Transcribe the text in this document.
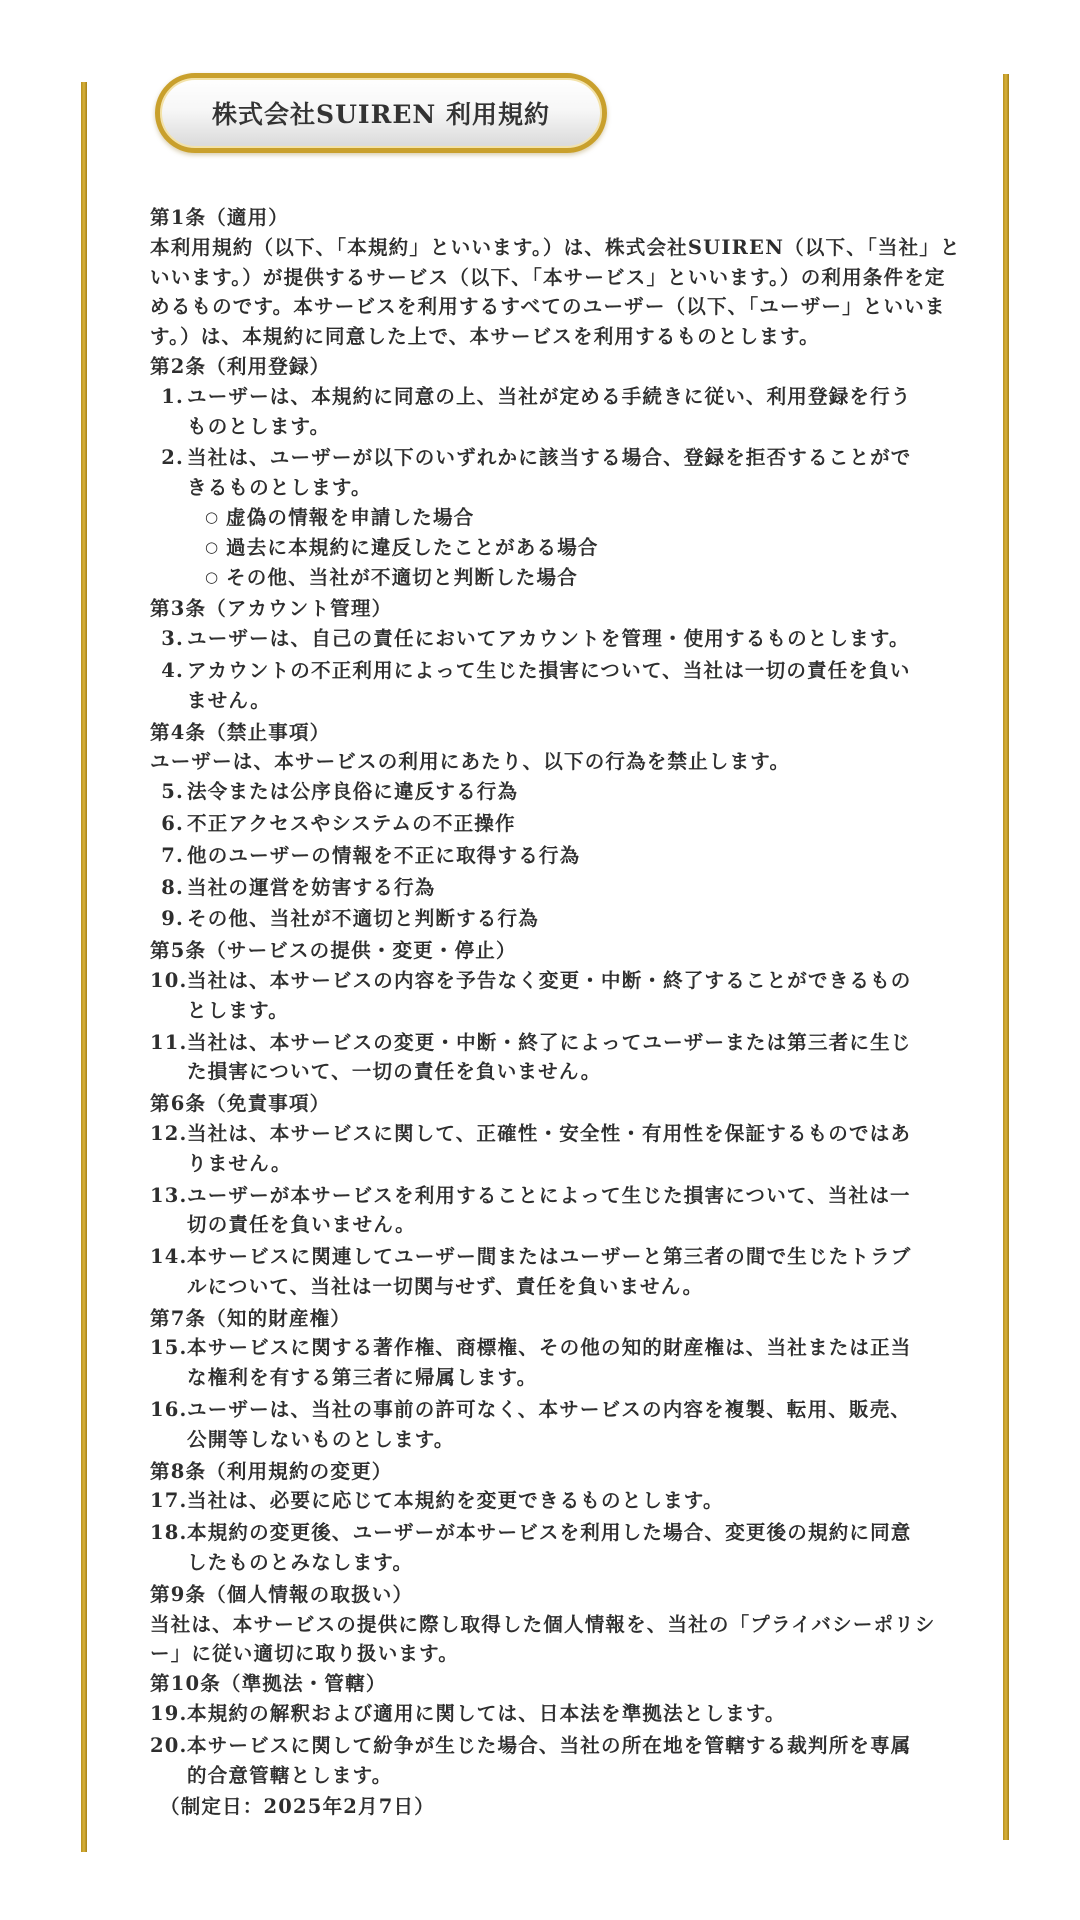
株式会社SUIREN 利用規約

第1条（適用）

本利用規約（以下、「本規約」といいます。）は、株式会社SUIREN（以下、「当社」といいます。）が提供するサービス（以下、「本サービス」といいます。）の利用条件を定めるものです。本サービスを利用するすべてのユーザー（以下、「ユーザー」といいます。）は、本規約に同意した上で、本サービスを利用するものとします。

第2条（利用登録）

1. ユーザーは、本規約に同意の上、当社が定める手続きに従い、利用登録を行うものとします。
2. 当社は、ユーザーが以下のいずれかに該当する場合、登録を拒否することができるものとします。
○ 虚偽の情報を申請した場合
○ 過去に本規約に違反したことがある場合
○ その他、当社が不適切と判断した場合

第3条（アカウント管理）

3. ユーザーは、自己の責任においてアカウントを管理・使用するものとします。
4. アカウントの不正利用によって生じた損害について、当社は一切の責任を負いません。

第4条（禁止事項）

ユーザーは、本サービスの利用にあたり、以下の行為を禁止します。

5. 法令または公序良俗に違反する行為
6. 不正アクセスやシステムの不正操作
7. 他のユーザーの情報を不正に取得する行為
8. 当社の運営を妨害する行為
9. その他、当社が不適切と判断する行為

第5条（サービスの提供・変更・停止）

10. 当社は、本サービスの内容を予告なく変更・中断・終了することができるものとします。
11. 当社は、本サービスの変更・中断・終了によってユーザーまたは第三者に生じた損害について、一切の責任を負いません。

第6条（免責事項）

12. 当社は、本サービスに関して、正確性・安全性・有用性を保証するものではありません。
13. ユーザーが本サービスを利用することによって生じた損害について、当社は一切の責任を負いません。
14. 本サービスに関連してユーザー間またはユーザーと第三者の間で生じたトラブルについて、当社は一切関与せず、責任を負いません。

第7条（知的財産権）

15. 本サービスに関する著作権、商標権、その他の知的財産権は、当社または正当な権利を有する第三者に帰属します。
16. ユーザーは、当社の事前の許可なく、本サービスの内容を複製、転用、販売、公開等しないものとします。

第8条（利用規約の変更）

17. 当社は、必要に応じて本規約を変更できるものとします。
18. 本規約の変更後、ユーザーが本サービスを利用した場合、変更後の規約に同意したものとみなします。

第9条（個人情報の取扱い）

当社は、本サービスの提供に際し取得した個人情報を、当社の「プライバシーポリシー」に従い適切に取り扱います。

第10条（準拠法・管轄）

19. 本規約の解釈および適用に関しては、日本法を準拠法とします。
20. 本サービスに関して紛争が生じた場合、当社の所在地を管轄する裁判所を専属的合意管轄とします。

（制定日：2025年2月7日）
